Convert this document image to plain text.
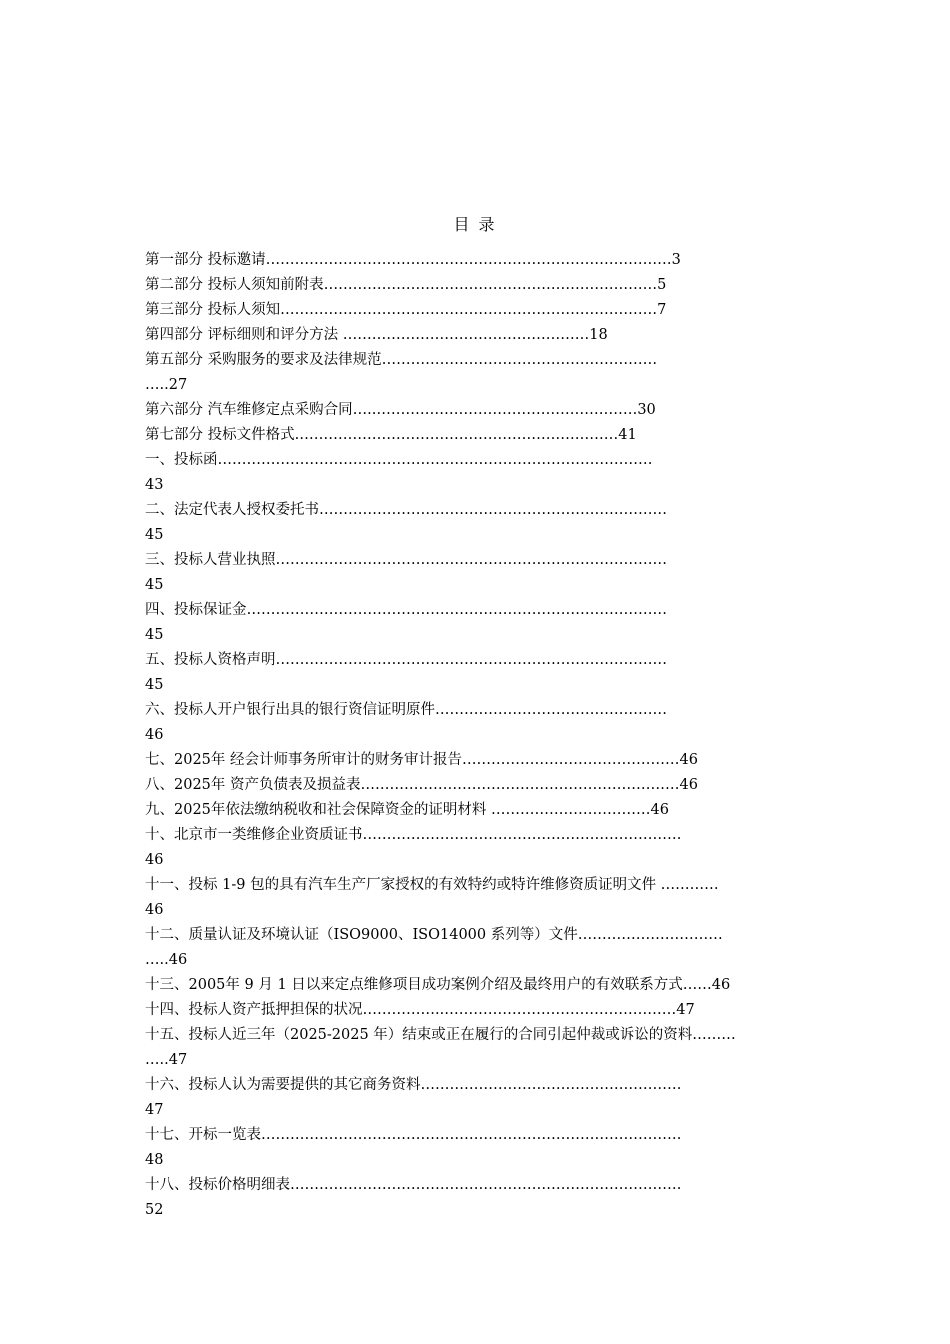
目 录
第一部分 投标邀请…………………………………………………………………………3
第二部分 投标人须知前附表……………………………………………………………5
第三部分 投标人须知……………………………………………………………………7
第四部分 评标细则和评分方法 ……………………………………………18
第五部分 采购服务的要求及法律规范…………………………………………………
…..27
第六部分 汽车维修定点采购合同…..………………………………………………30
第七部分 投标文件格式.…………………………………………………………41
一、投标函………………………………………………………………………………
43
二、法定代表人授权委托书………………………………………………………………
45
三、投标人营业执照………………………………………………………………………
45
四、投标保证金……………………………………………………………………………
45
五、投标人资格声明………………………………………………………………………
45
六、投标人开户银行出具的银行资信证明原件…………………………………………
46
七、2025年 经会计师事务所审计的财务审计报告………………………………………46
八、2025年 资产负债表及损益表…………………………………………………………46
九、2025年依法缴纳税收和社会保障资金的证明材料 ……………………………46
十、北京市一类维修企业资质证书…………………………………………………………
46
十一、投标 1-9 包的具有汽车生产厂家授权的有效特约或特许维修资质证明文件 …………
46
十二、质量认证及环境认证（ISO9000、ISO14000 系列等）文件…………………………
…..46
十三、2005年 9 月 1 日以来定点维修项目成功案例介绍及最终用户的有效联系方式……46
十四、投标人资产抵押担保的状况……………..…………………………………………47
十五、投标人近三年（2025-2025 年）结束或正在履行的合同引起仲裁或诉讼的资料………
…..47
十六、投标人认为需要提供的其它商务资料………………………………………………
47
十七、开标一览表……………………………………………………………………………
48
十八、投标价格明细表………………………………………………………………………
52
